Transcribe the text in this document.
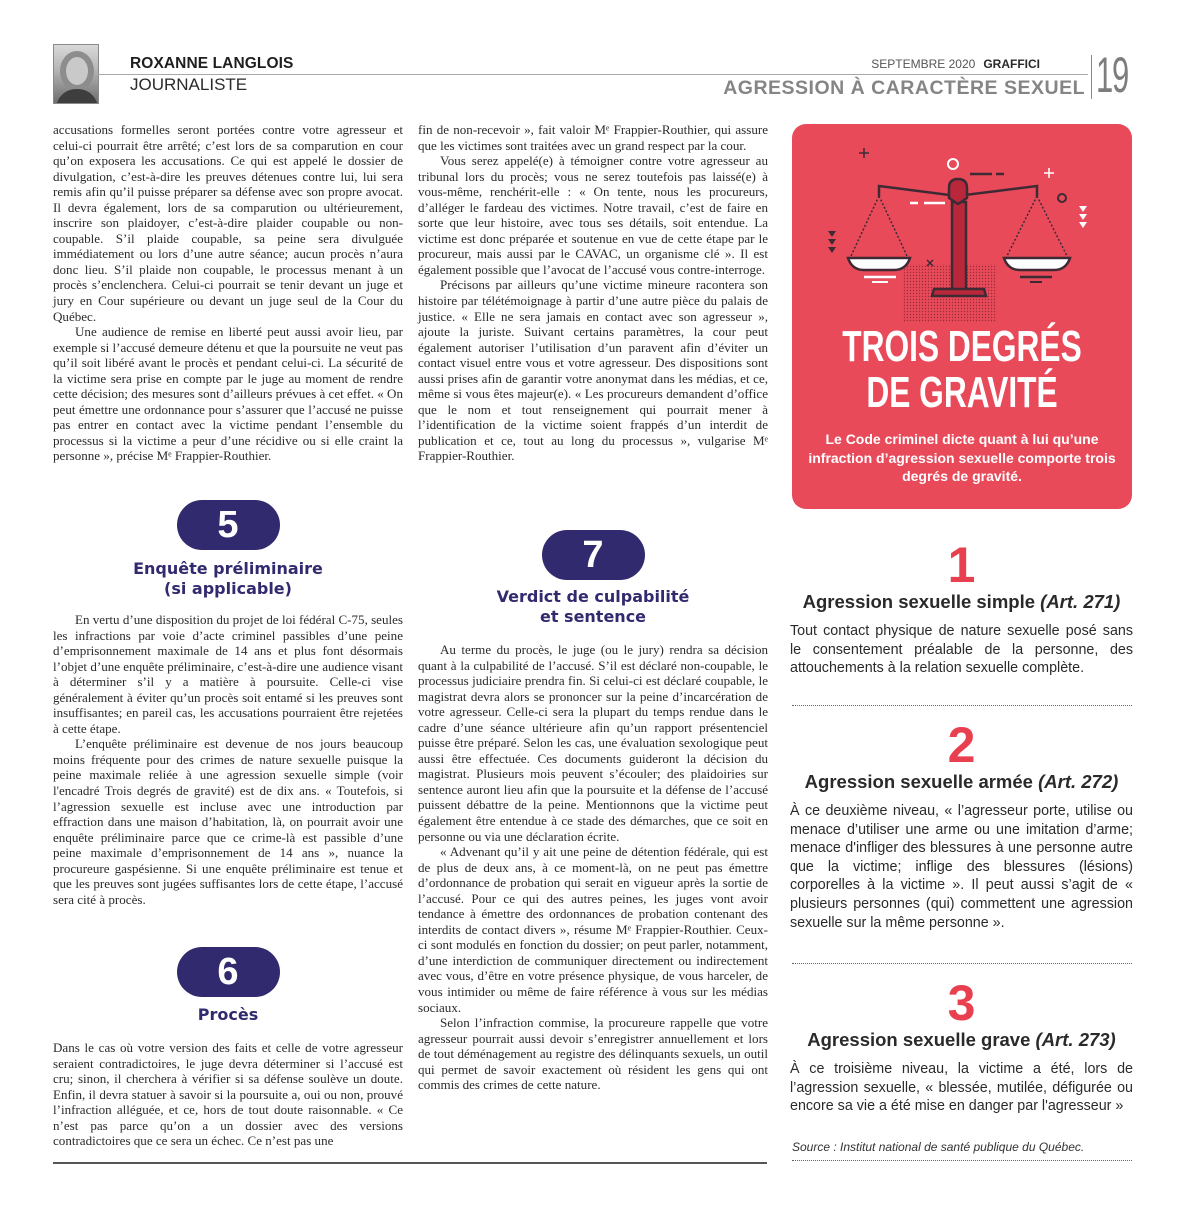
ROXANNE LANGLOIS
JOURNALISTE
SEPTEMBRE 2020 GRAFFICI
AGRESSION À CARACTÈRE SEXUEL 19

accusations formelles seront portées contre votre agresseur et celui-ci pourrait être arrêté; c’est lors de sa comparution en cour qu’on exposera les accusations. Ce qui est appelé le dossier de divulgation, c’est-à-dire les preuves détenues contre lui, lui sera remis afin qu’il puisse préparer sa défense avec son propre avocat. Il devra également, lors de sa comparution ou ultérieurement, inscrire son plaidoyer, c’est-à-dire plaider coupable ou non-coupable. S’il plaide coupable, sa peine sera divulguée immédiatement ou lors d’une autre séance; aucun procès n’aura donc lieu. S’il plaide non coupable, le processus menant à un procès s’enclenchera. Celui-ci pourrait se tenir devant un juge et jury en Cour supérieure ou devant un juge seul de la Cour du Québec.

Une audience de remise en liberté peut aussi avoir lieu, par exemple si l’accusé demeure détenu et que la poursuite ne veut pas qu’il soit libéré avant le procès et pendant celui-ci. La sécurité de la victime sera prise en compte par le juge au moment de rendre cette décision; des mesures sont d’ailleurs prévues à cet effet. « On peut émettre une ordonnance pour s’assurer que l’accusé ne puisse pas entrer en contact avec la victime pendant l’ensemble du processus si la victime a peur d’une récidive ou si elle craint la personne », précise Mᵉ Frappier-Routhier.

5
Enquête préliminaire
(si applicable)

En vertu d’une disposition du projet de loi fédéral C-75, seules les infractions par voie d’acte criminel passibles d’une peine d’emprisonnement maximale de 14 ans et plus font désormais l’objet d’une enquête préliminaire, c’est-à-dire une audience visant à déterminer s’il y a matière à poursuite. Celle-ci vise généralement à éviter qu’un procès soit entamé si les preuves sont insuffisantes; en pareil cas, les accusations pourraient être rejetées à cette étape.

L’enquête préliminaire est devenue de nos jours beaucoup moins fréquente pour des crimes de nature sexuelle puisque la peine maximale reliée à une agression sexuelle simple (voir l'encadré Trois degrés de gravité) est de dix ans. « Toutefois, si l’agression sexuelle est incluse avec une introduction par effraction dans une maison d’habitation, là, on pourrait avoir une enquête préliminaire parce que ce crime-là est passible d’une peine maximale d’emprisonnement de 14 ans », nuance la procureure gaspésienne. Si une enquête préliminaire est tenue et que les preuves sont jugées suffisantes lors de cette étape, l’accusé sera cité à procès.

6
Procès

Dans le cas où votre version des faits et celle de votre agresseur seraient contradictoires, le juge devra déterminer si l’accusé est cru; sinon, il cherchera à vérifier si sa défense soulève un doute. Enfin, il devra statuer à savoir si la poursuite a, oui ou non, prouvé l’infraction alléguée, et ce, hors de tout doute raisonnable. « Ce n’est pas parce qu’on a un dossier avec des versions contradictoires que ce sera un échec. Ce n’est pas une

fin de non-recevoir », fait valoir Mᵉ Frappier-Routhier, qui assure que les victimes sont traitées avec un grand respect par la cour.

Vous serez appelé(e) à témoigner contre votre agresseur au tribunal lors du procès; vous ne serez toutefois pas laissé(e) à vous-même, renchérit-elle : « On tente, nous les procureurs, d’alléger le fardeau des victimes. Notre travail, c’est de faire en sorte que leur histoire, avec tous ses détails, soit entendue. La victime est donc préparée et soutenue en vue de cette étape par le procureur, mais aussi par le CAVAC, un organisme clé ». Il est également possible que l’avocat de l’accusé vous contre-interroge.

Précisons par ailleurs qu’une victime mineure racontera son histoire par télétémoignage à partir d’une autre pièce du palais de justice. « Elle ne sera jamais en contact avec son agresseur », ajoute la juriste. Suivant certains paramètres, la cour peut également autoriser l’utilisation d’un paravent afin d’éviter un contact visuel entre vous et votre agresseur. Des dispositions sont aussi prises afin de garantir votre anonymat dans les médias, et ce, même si vous êtes majeur(e). « Les procureurs demandent d’office que le nom et tout renseignement qui pourrait mener à l’identification de la victime soient frappés d’un interdit de publication et ce, tout au long du processus », vulgarise Mᵉ Frappier-Routhier.

7
Verdict de culpabilité
et sentence

Au terme du procès, le juge (ou le jury) rendra sa décision quant à la culpabilité de l’accusé. S’il est déclaré non-coupable, le processus judiciaire prendra fin. Si celui-ci est déclaré coupable, le magistrat devra alors se prononcer sur la peine d’incarcération de votre agresseur. Celle-ci sera la plupart du temps rendue dans le cadre d’une séance ultérieure afin qu’un rapport présentenciel puisse être préparé. Selon les cas, une évaluation sexologique peut aussi être effectuée. Ces documents guideront la décision du magistrat. Plusieurs mois peuvent s’écouler; des plaidoiries sur sentence auront lieu afin que la poursuite et la défense de l’accusé puissent débattre de la peine. Mentionnons que la victime peut également être entendue à ce stade des démarches, que ce soit en personne ou via une déclaration écrite.

« Advenant qu’il y ait une peine de détention fédérale, qui est de plus de deux ans, à ce moment-là, on ne peut pas émettre d’ordonnance de probation qui serait en vigueur après la sortie de l’accusé. Pour ce qui des autres peines, les juges vont avoir tendance à émettre des ordonnances de probation contenant des interdits de contact divers », résume Mᵉ Frappier-Routhier. Ceux-ci sont modulés en fonction du dossier; on peut parler, notamment, d’une interdiction de communiquer directement ou indirectement avec vous, d’être en votre présence physique, de vous harceler, de vous intimider ou même de faire référence à vous sur les médias sociaux.

Selon l’infraction commise, la procureure rappelle que votre agresseur pourrait aussi devoir s’enregistrer annuellement et lors de tout déménagement au registre des délinquants sexuels, un outil qui permet de savoir exactement où résident les gens qui ont commis des crimes de cette nature.

TROIS DEGRÉS
DE GRAVITÉ
Le Code criminel dicte quant à lui qu’une infraction d’agression sexuelle comporte trois degrés de gravité.
1
Agression sexuelle simple (Art. 271)
Tout contact physique de nature sexuelle posé sans le consentement préalable de la personne, des attouchements à la relation sexuelle complète.
2
Agression sexuelle armée (Art. 272)
À ce deuxième niveau, « l’agresseur porte, utilise ou menace d’utiliser une arme ou une imitation d’arme; menace d'infliger des blessures à une personne autre que la victime; inflige des blessures (lésions) corporelles à la victime ». Il peut aussi s’agit de « plusieurs personnes (qui) commettent une agression sexuelle sur la même personne ».
3
Agression sexuelle grave (Art. 273)
À ce troisième niveau, la victime a été, lors de l’agression sexuelle, « blessée, mutilée, défigurée ou encore sa vie a été mise en danger par l'agresseur »
Source : Institut national de santé publique du Québec.
